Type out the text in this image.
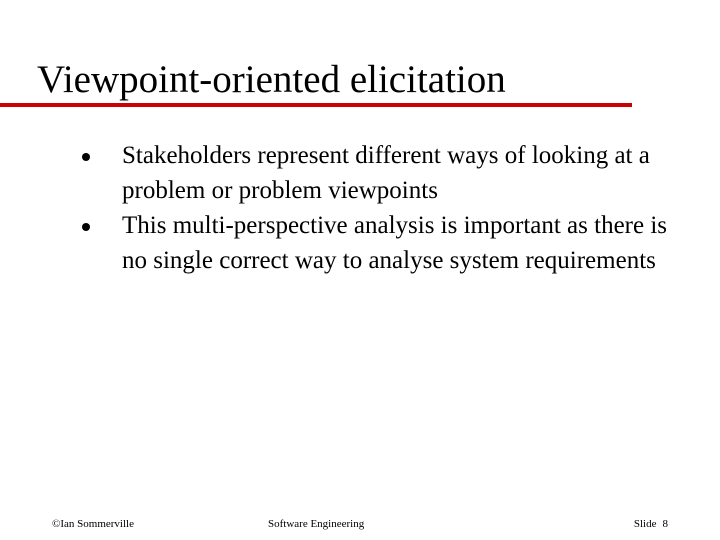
Viewpoint-oriented elicitation
Stakeholders represent different ways of looking at a problem or problem viewpoints
This multi-perspective analysis is important as there is no single correct way to analyse system requirements
©Ian Sommerville	Software Engineering	Slide 8
